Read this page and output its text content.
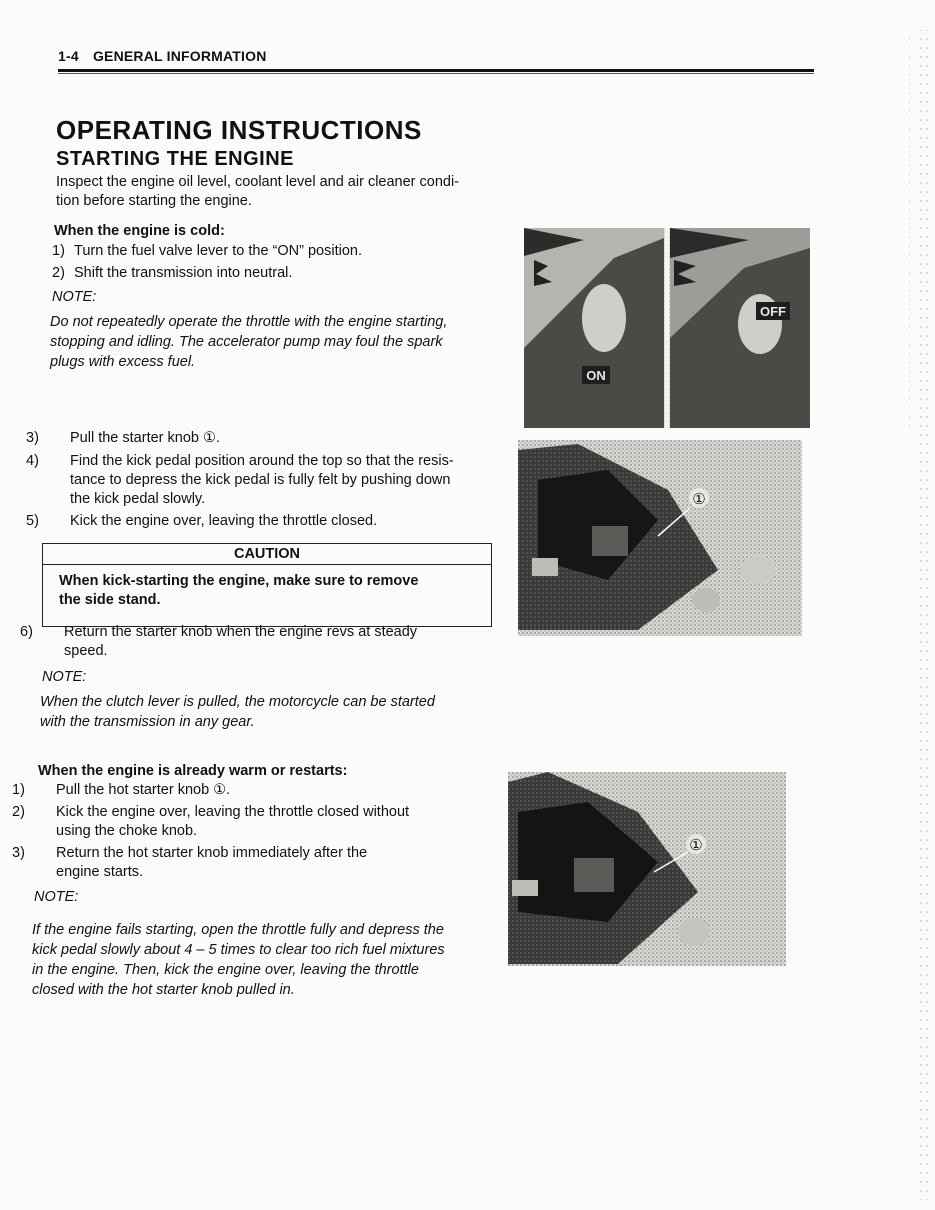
1-4 GENERAL INFORMATION
OPERATING INSTRUCTIONS
STARTING THE ENGINE
Inspect the engine oil level, coolant level and air cleaner condi-
tion before starting the engine.
When the engine is cold:
1) Turn the fuel valve lever to the “ON” position.
2) Shift the transmission into neutral.
NOTE:
Do not repeatedly operate the throttle with the engine starting,
stopping and idling. The accelerator pump may foul the spark
plugs with excess fuel.
3) Pull the starter knob ①.
4) Find the kick pedal position around the top so that the resis-
tance to depress the kick pedal is fully felt by pushing down
the kick pedal slowly.
5) Kick the engine over, leaving the throttle closed.
CAUTION
When kick-starting the engine, make sure to remove
the side stand.
6) Return the starter knob when the engine revs at steady
speed.
NOTE:
When the clutch lever is pulled, the motorcycle can be started
with the transmission in any gear.
When the engine is already warm or restarts:
1) Pull the hot starter knob ①.
2) Kick the engine over, leaving the throttle closed without
using the choke knob.
3) Return the hot starter knob immediately after the
engine starts.
NOTE:
If the engine fails starting, open the throttle fully and depress the
kick pedal slowly about 4 – 5 times to clear too rich fuel mixtures
in the engine. Then, kick the engine over, leaving the throttle
closed with the hot starter knob pulled in.
ON
OFF
①
①
